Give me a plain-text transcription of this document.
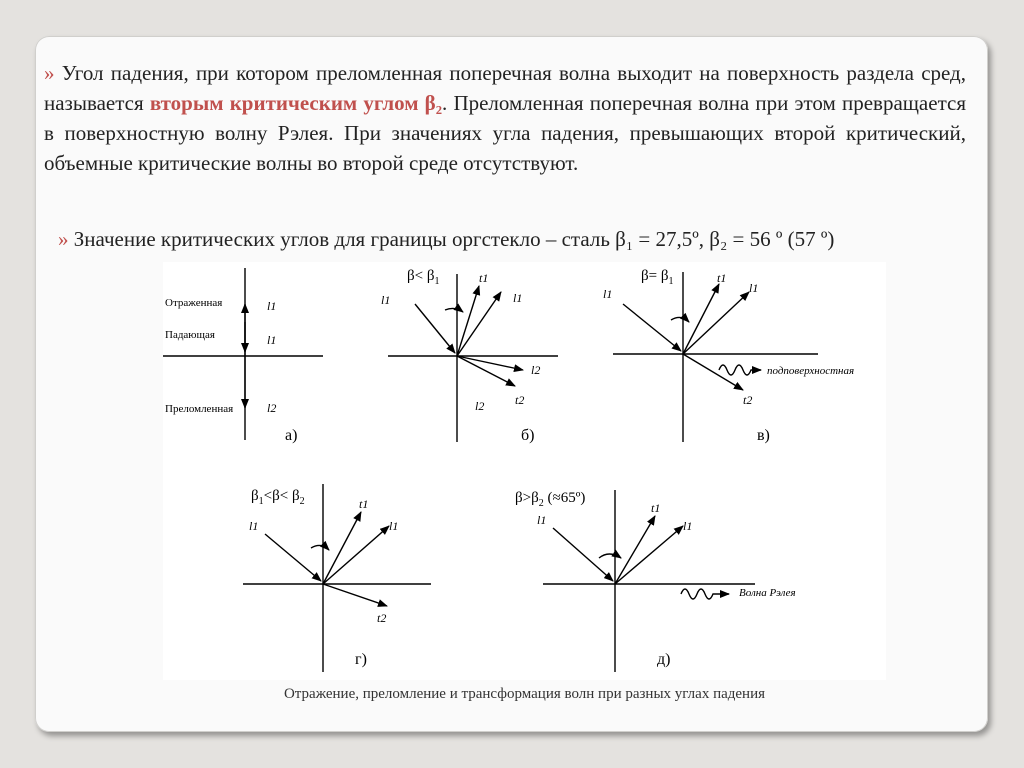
» Угол падения, при котором преломленная поперечная волна выходит на поверхность раздела сред, называется вторым критическим углом β₂. Преломленная поперечная волна при этом превращается в поверхностную волну Рэлея. При значениях угла падения, превышающих второй критический, объемные критические волны во второй среде отсутствуют.
» Значение критических углов для границы оргстекло – сталь β₁ = 27,5º, β₂ = 56 º (57 º)
Отраженная
Падающая
Преломленная
l1
l1
l2
а)
$\beta< \beta_1$
l1
t1
l1
l2
t2
l2
б)
$\beta= \beta_1$
l1
t1
l1
t2
подповерхностная
в)
$\beta_1<\beta< \beta_2$
l1
t1
l1
t2
г)
$\beta>\beta_2$ (≈65º)
l1
t1
l1
Волна Рэлея
д)
Отражение, преломление и трансформация волн при разных углах падения
